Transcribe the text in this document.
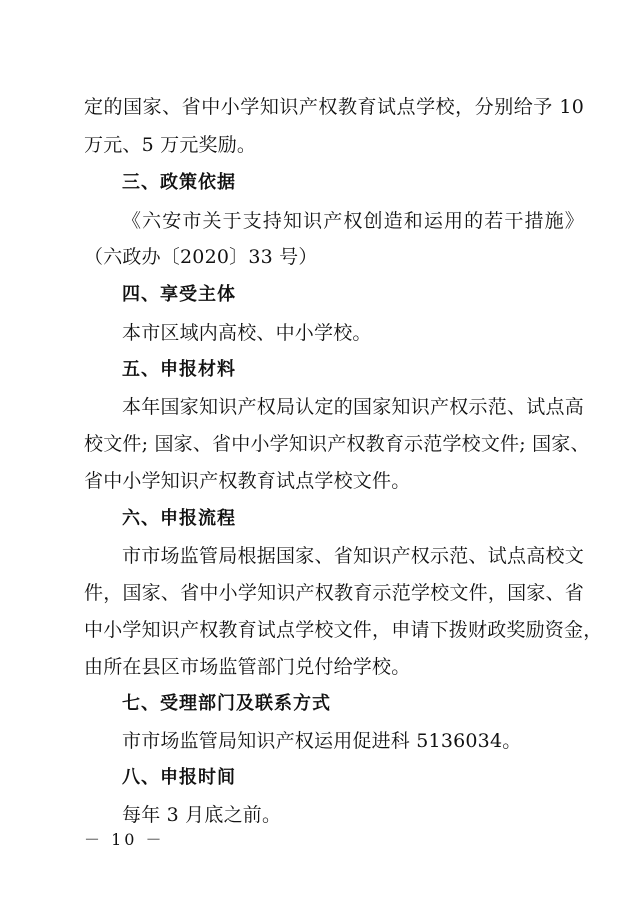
定的国家、省中小学知识产权教育试点学校，分别给予 10
万元、5 万元奖励。
三、政策依据
《六安市关于支持知识产权创造和运用的若干措施》
（六政办〔2020〕33 号）
四、享受主体
本市区域内高校、中小学校。
五、申报材料
本年国家知识产权局认定的国家知识产权示范、试点高
校文件; 国家、省中小学知识产权教育示范学校文件; 国家、
省中小学知识产权教育试点学校文件。
六、申报流程
市市场监管局根据国家、省知识产权示范、试点高校文
件，国家、省中小学知识产权教育示范学校文件，国家、省
中小学知识产权教育试点学校文件，申请下拨财政奖励资金，
由所在县区市场监管部门兑付给学校。
七、受理部门及联系方式
市市场监管局知识产权运用促进科 5136034。
八、申报时间
每年 3 月底之前。
－ 10 －
